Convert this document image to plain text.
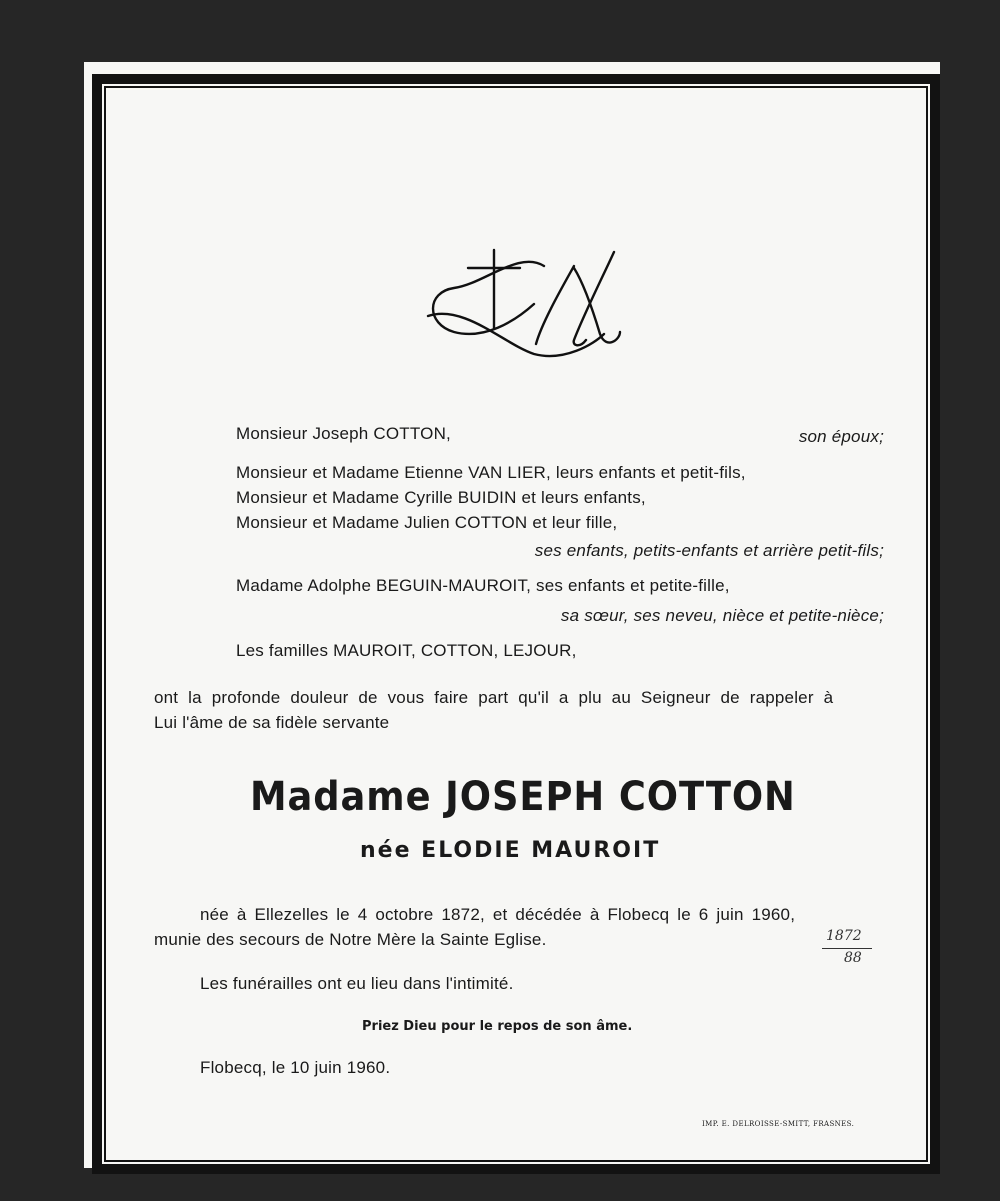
Monsieur Joseph COTTON,	son époux;
Monsieur et Madame Etienne VAN LIER, leurs enfants et petit-fils,
Monsieur et Madame Cyrille BUIDIN et leurs enfants,
Monsieur et Madame Julien COTTON et leur fille,
ses enfants, petits-enfants et arrière petit-fils;
Madame Adolphe BEGUIN-MAUROIT, ses enfants et petite-fille,
sa sœur, ses neveu, nièce et petite-nièce;
Les familles MAUROIT, COTTON, LEJOUR,
ont la profonde douleur de vous faire part qu'il a plu au Seigneur de rappeler à
Lui l'âme de sa fidèle servante
Madame JOSEPH COTTON
née ELODIE MAUROIT
née à Ellezelles le 4 octobre 1872, et décédée à Flobecq le 6 juin 1960,
munie des secours de Notre Mère la Sainte Eglise.	1872
88
Les funérailles ont eu lieu dans l'intimité.
Priez Dieu pour le repos de son âme.
Flobecq, le 10 juin 1960.
IMP. E. DELROISSE-SMITT, FRASNES.
